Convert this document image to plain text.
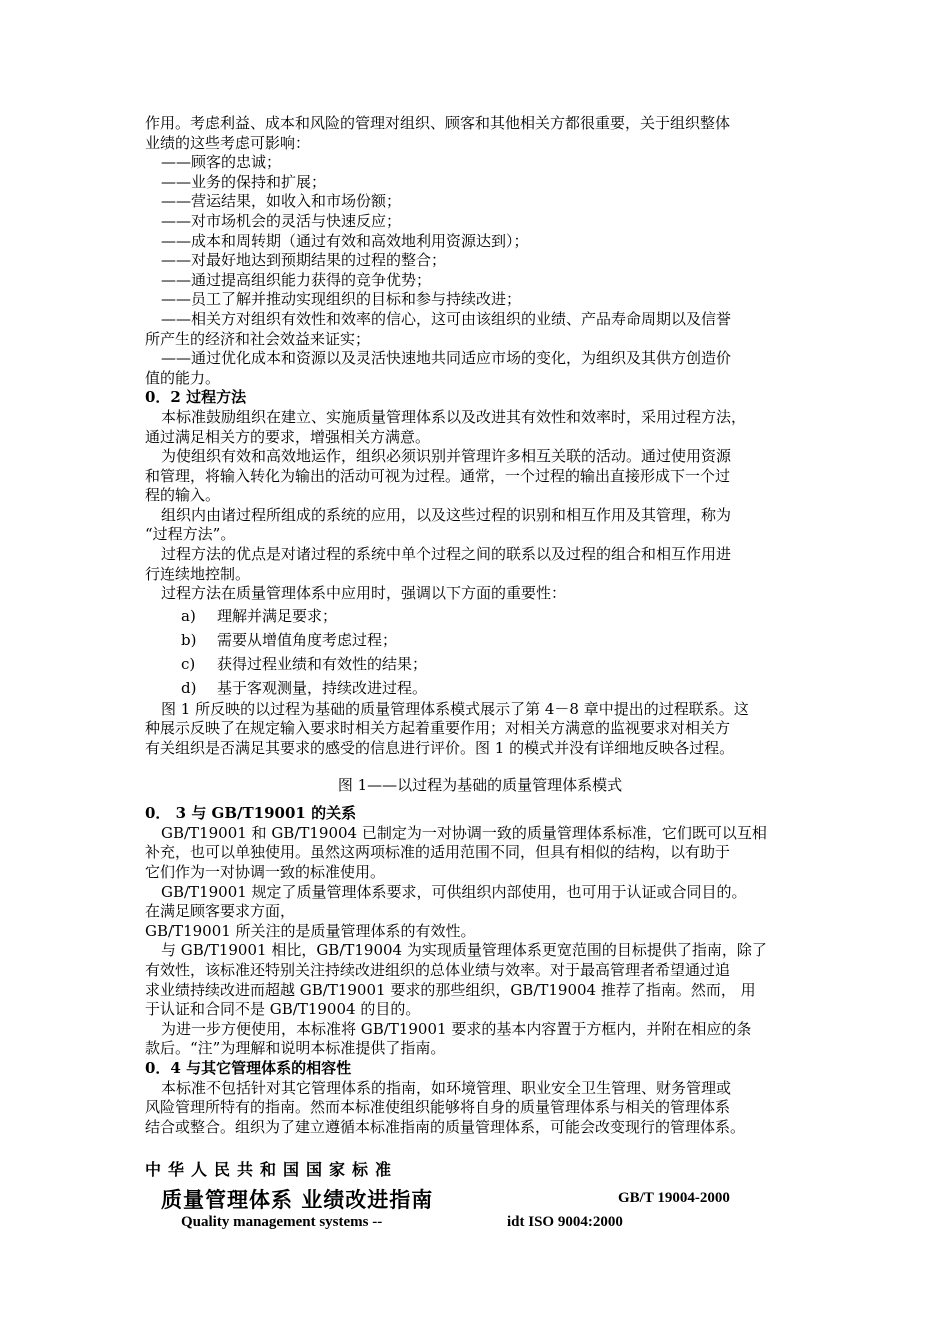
作用。考虑利益、成本和风险的管理对组织、顾客和其他相关方都很重要，关于组织整体

业绩的这些考虑可影响：

——顾客的忠诚；

——业务的保持和扩展；

——营运结果，如收入和市场份额；

——对市场机会的灵活与快速反应；

——成本和周转期（通过有效和高效地利用资源达到）；

——对最好地达到预期结果的过程的整合；

——通过提高组织能力获得的竞争优势；

——员工了解并推动实现组织的目标和参与持续改进；

——相关方对组织有效性和效率的信心，这可由该组织的业绩、产品寿命周期以及信誉

所产生的经济和社会效益来证实；

——通过优化成本和资源以及灵活快速地共同适应市场的变化，为组织及其供方创造价

值的能力。

0．2 过程方法

本标准鼓励组织在建立、实施质量管理体系以及改进其有效性和效率时，采用过程方法，

通过满足相关方的要求，增强相关方满意。

为使组织有效和高效地运作，组织必须识别并管理许多相互关联的活动。通过使用资源

和管理，将输入转化为输出的活动可视为过程。通常，一个过程的输出直接形成下一个过

程的输入。

组织内由诸过程所组成的系统的应用，以及这些过程的识别和相互作用及其管理，称为

“过程方法”。

过程方法的优点是对诸过程的系统中单个过程之间的联系以及过程的组合和相互作用进

行连续地控制。

过程方法在质量管理体系中应用时，强调以下方面的重要性：

a)	理解并满足要求；
b)	需要从增值角度考虑过程；
c)	获得过程业绩和有效性的结果；
d)	基于客观测量，持续改进过程。

图 1 所反映的以过程为基础的质量管理体系模式展示了第 4－8 章中提出的过程联系。这

种展示反映了在规定输入要求时相关方起着重要作用；对相关方满意的监视要求对相关方

有关组织是否满足其要求的感受的信息进行评价。图 1 的模式并没有详细地反映各过程。

图 1——以过程为基础的质量管理体系模式

0． 3 与 GB/T19001 的关系

GB/T19001 和 GB/T19004 已制定为一对协调一致的质量管理体系标准，它们既可以互相

补充，也可以单独使用。虽然这两项标准的适用范围不同，但具有相似的结构，以有助于

它们作为一对协调一致的标准使用。

GB/T19001 规定了质量管理体系要求，可供组织内部使用，也可用于认证或合同目的。

在满足顾客要求方面，

GB/T19001 所关注的是质量管理体系的有效性。

与 GB/T19001 相比，GB/T19004 为实现质量管理体系更宽范围的目标提供了指南，除了

有效性，该标准还特别关注持续改进组织的总体业绩与效率。对于最高管理者希望通过追

求业绩持续改进而超越 GB/T19001 要求的那些组织，GB/T19004 推荐了指南。然而， 用

于认证和合同不是 GB/T19004 的目的。

为进一步方便使用，本标准将 GB/T19001 要求的基本内容置于方框内，并附在相应的条

款后。“注”为理解和说明本标准提供了指南。

0．4 与其它管理体系的相容性

本标准不包括针对其它管理体系的指南，如环境管理、职业安全卫生管理、财务管理或

风险管理所特有的指南。然而本标准使组织能够将自身的质量管理体系与相关的管理体系

结合或整合。组织为了建立遵循本标准指南的质量管理体系，可能会改变现行的管理体系。

中华人民共和国国家标准
质量管理体系 业绩改进指南	GB/T 19004-2000
Quality management systems --	idt ISO 9004:2000
